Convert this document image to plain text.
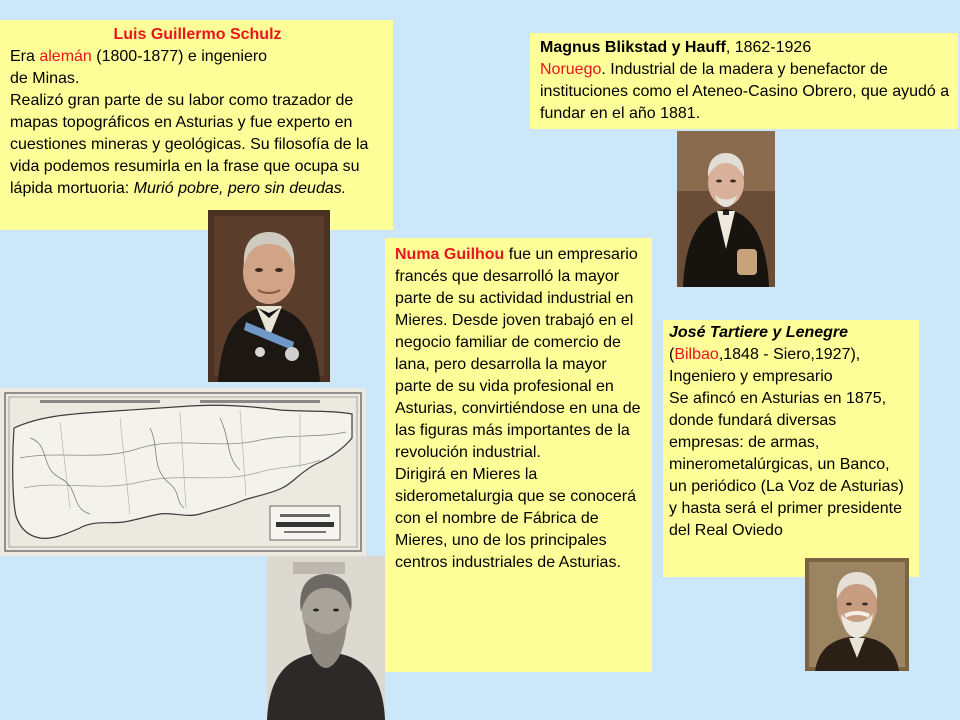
Luis Guillermo Schulz

Era alemán (1800-1877) e ingeniero

de Minas.

Realizó gran parte de su labor como trazador de mapas topográficos en Asturias y fue experto en cuestiones mineras y geológicas. Su filosofía de la vida podemos resumirla en la frase que ocupa su lápida mortuoria: Murió pobre, pero sin deudas.

Magnus Blikstad y Hauff, 1862-1926

Noruego. Industrial de la madera y benefactor de instituciones como el Ateneo-Casino Obrero, que ayudó a fundar en el año 1881.

Numa Guilhou fue un empresario francés que desarrolló la mayor parte de su actividad industrial en Mieres. Desde joven trabajó en el negocio familiar de comercio de lana, pero desarrolla la mayor parte de su vida profesional en Asturias, convirtiéndose en una de las figuras más importantes de la revolución industrial.

Dirigirá en Mieres la siderometalurgia que se conocerá con el nombre de Fábrica de Mieres, uno de los principales centros industriales de Asturias.

José Tartiere y Lenegre

(Bilbao,1848 - Siero,1927),

Ingeniero y empresario

Se afincó en Asturias en 1875, donde fundará diversas empresas: de armas, minerometalúrgicas, un Banco, un periódico (La Voz de Asturias) y hasta será el primer presidente del Real Oviedo
